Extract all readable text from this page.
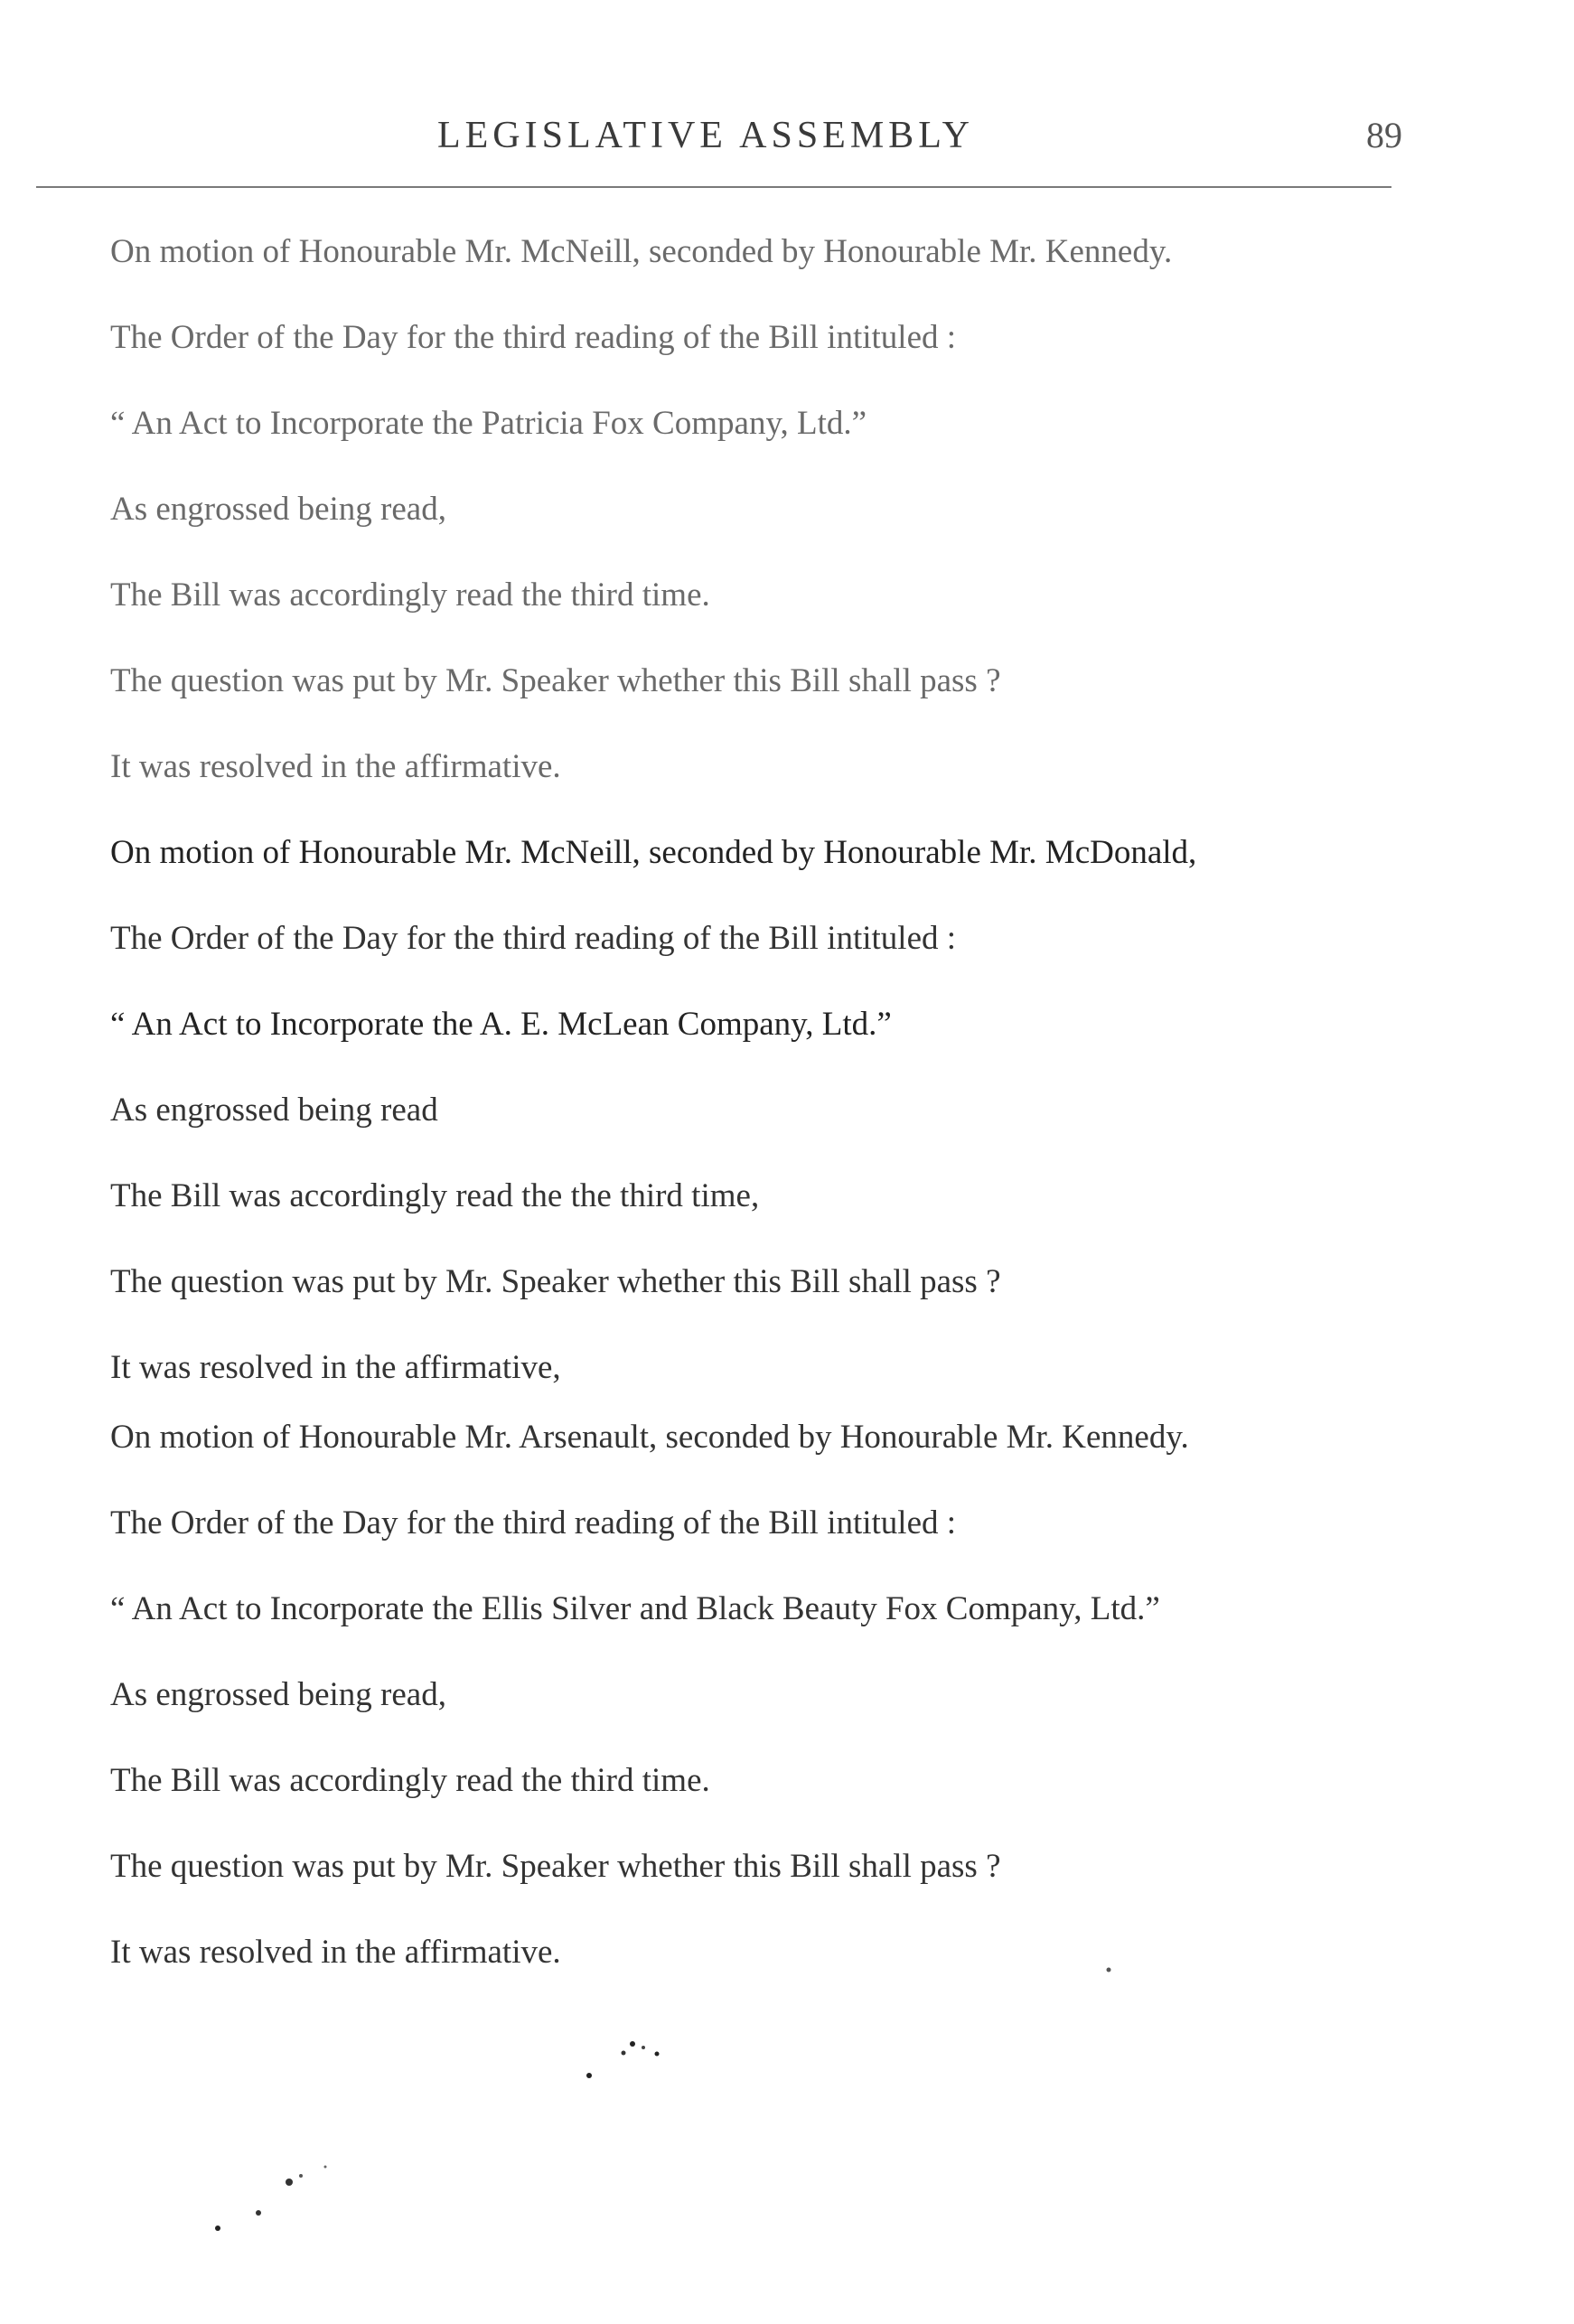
LEGISLATIVE ASSEMBLY	89

On motion of Honourable Mr. McNeill, seconded by Honourable Mr. Kennedy.

The Order of the Day for the third reading of the Bill intituled :

“ An Act to Incorporate the Patricia Fox Company, Ltd.”

As engrossed being read,

The Bill was accordingly read the third time.

The question was put by Mr. Speaker whether this Bill shall pass ?

It was resolved in the affirmative.

On motion of Honourable Mr. McNeill, seconded by Honourable Mr. McDonald,

The Order of the Day for the third reading of the Bill intituled :

“ An Act to Incorporate the A. E. McLean Company, Ltd.”

As engrossed being read

The Bill was accordingly read the the third time,

The question was put by Mr. Speaker whether this Bill shall pass ?

It was resolved in the affirmative,

On motion of Honourable Mr. Arsenault, seconded by Honourable Mr. Kennedy.

The Order of the Day for the third reading of the Bill intituled :

“ An Act to Incorporate the Ellis Silver and Black Beauty Fox Company, Ltd.”

As engrossed being read,

The Bill was accordingly read the third time.

The question was put by Mr. Speaker whether this Bill shall pass ?

It was resolved in the affirmative.
